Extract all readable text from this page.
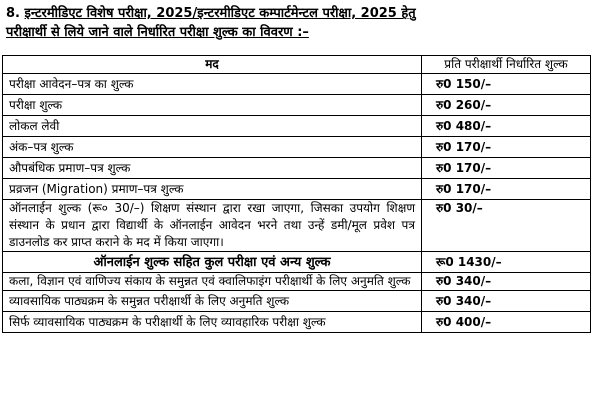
8. इन्टरमीडिएट विशेष परीक्षा, 2025/इन्टरमीडिएट कम्पार्टमेन्टल परीक्षा, 2025 हेतु
परीक्षार्थी से लिये जाने वाले निर्धारित परीक्षा शुल्क का विवरण :–
मद	प्रति परीक्षार्थी निर्धारित शुल्क
परीक्षा आवेदन–पत्र का शुल्क	रु0 150/–
परीक्षा शुल्क	रु0 260/–
लोकल लेवी	रु0 480/–
अंक–पत्र शुल्क	रु0 170/–
औपबंधिक प्रमाण–पत्र शुल्क	रु0 170/–
प्रव्रजन (Migration) प्रमाण–पत्र शुल्क	रु0 170/–
ऑनलाईन शुल्क (रू० 30/–) शिक्षण संस्थान द्वारा रखा जाएगा, जिसका उपयोग शिक्षण संस्थान के प्रधान द्वारा विद्यार्थी के ऑनलाईन आवेदन भरने तथा उन्हें डमी/मूल प्रवेश पत्र डाउनलोड कर प्राप्त कराने के मद में किया जाएगा।	रु0 30/–
ऑनलाईन शुल्क सहित कुल परीक्षा एवं अन्य शुल्क	रू0 1430/–
कला, विज्ञान एवं वाणिज्य संकाय के समुन्नत एवं क्वालिफाइंग परीक्षार्थी के लिए अनुमति शुल्क	रु0 340/–
व्यावसायिक पाठ्यक्रम के समुन्नत परीक्षार्थी के लिए अनुमति शुल्क	रु0 340/–
सिर्फ व्यावसायिक पाठ्यक्रम के परीक्षार्थी के लिए व्यावहारिक परीक्षा शुल्क	रु0 400/–
